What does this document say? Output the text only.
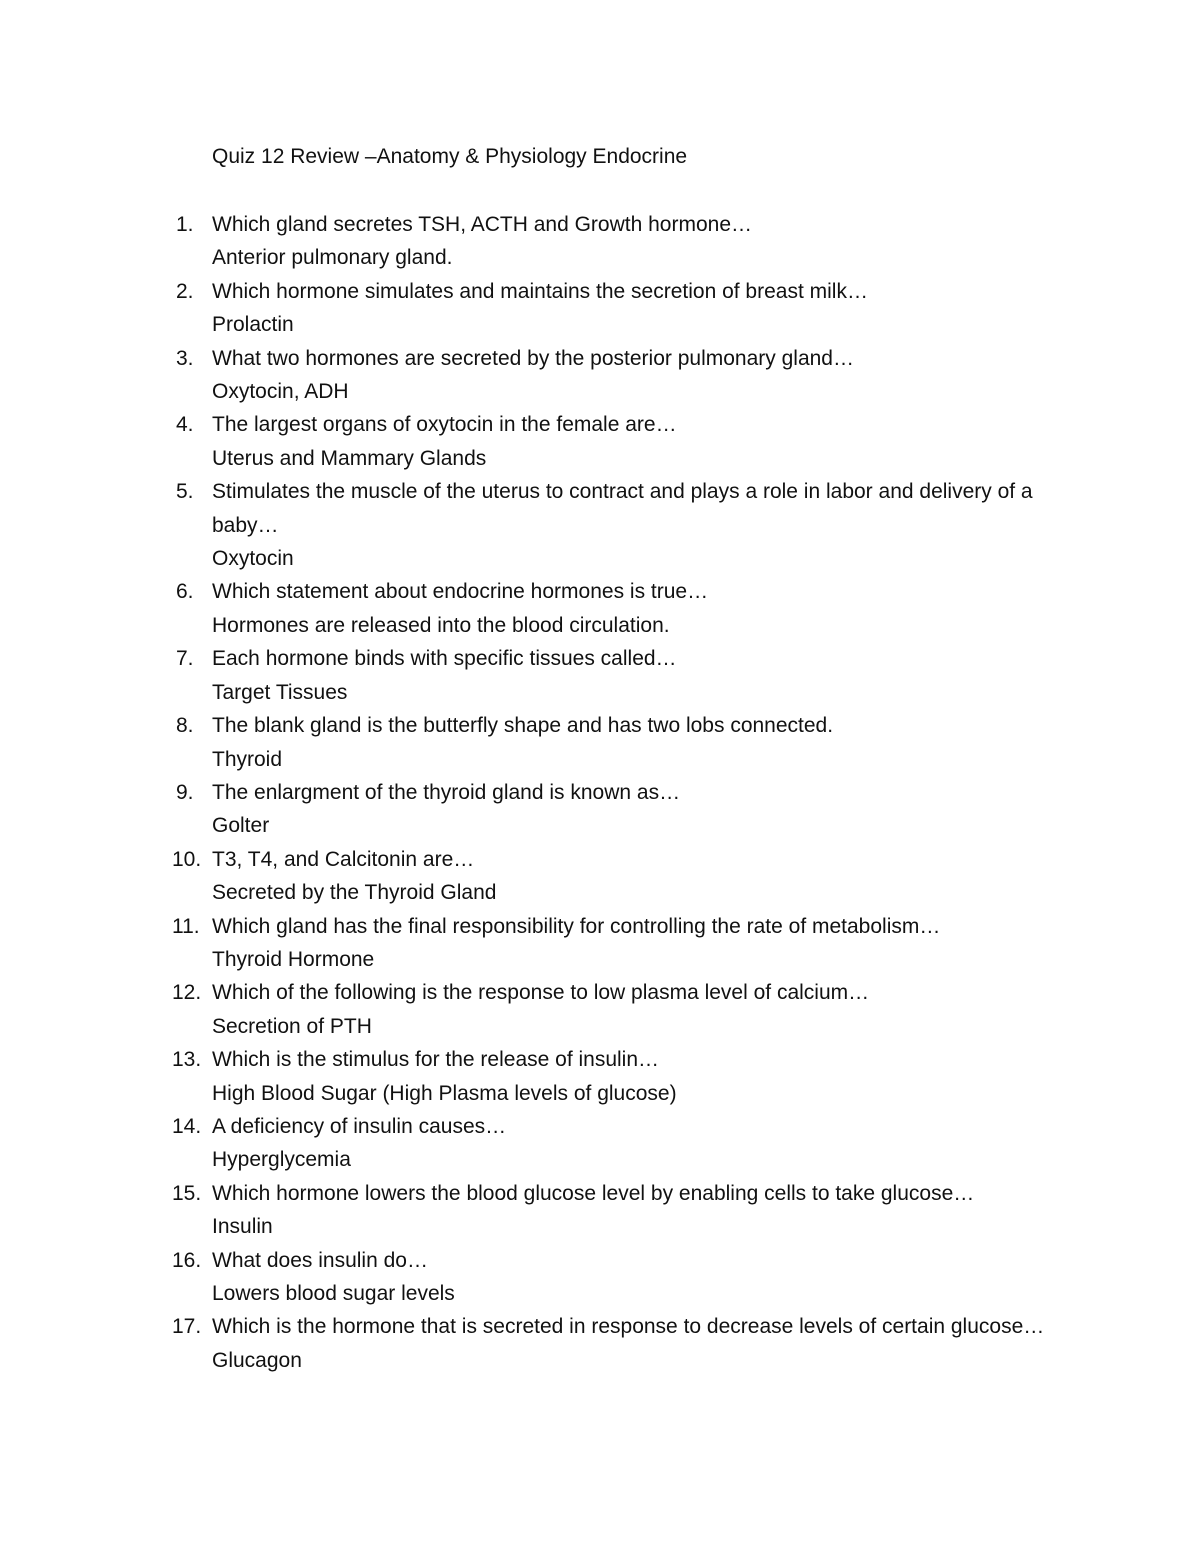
Quiz 12 Review –Anatomy & Physiology Endocrine
1. Which gland secretes TSH, ACTH and Growth hormone…
Anterior pulmonary gland.
2. Which hormone simulates and maintains the secretion of breast milk…
Prolactin
3. What two hormones are secreted by the posterior pulmonary gland…
Oxytocin, ADH
4. The largest organs of oxytocin in the female are…
Uterus and Mammary Glands
5. Stimulates the muscle of the uterus to contract and plays a role in labor and delivery of a baby…
Oxytocin
6. Which statement about endocrine hormones is true…
Hormones are released into the blood circulation.
7. Each hormone binds with specific tissues called…
Target Tissues
8. The blank gland is the butterfly shape and has two lobs connected.
Thyroid
9. The enlargment of the thyroid gland is known as…
Golter
10. T3, T4, and Calcitonin are…
Secreted by the Thyroid Gland
11. Which gland has the final responsibility for controlling the rate of metabolism…
Thyroid Hormone
12. Which of the following is the response to low plasma level of calcium…
Secretion of PTH
13. Which is the stimulus for the release of insulin…
High Blood Sugar (High Plasma levels of glucose)
14. A deficiency of insulin causes…
Hyperglycemia
15. Which hormone lowers the blood glucose level by enabling cells to take glucose…
Insulin
16. What does insulin do…
Lowers blood sugar levels
17. Which is the hormone that is secreted in response to decrease levels of certain glucose…
Glucagon
